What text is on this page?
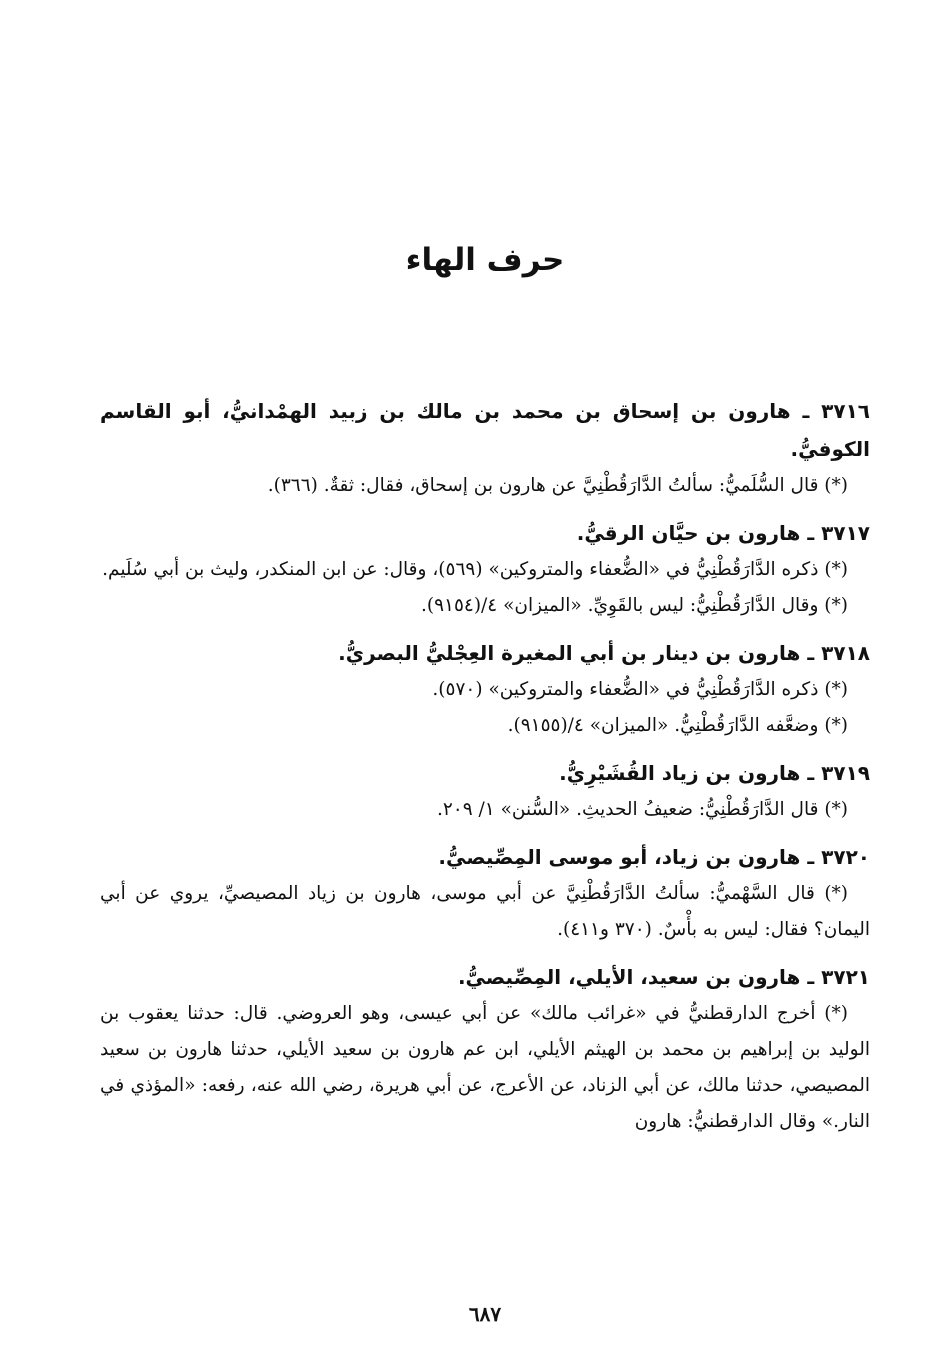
حرف الهاء
٣٧١٦ ـ هارون بن إسحاق بن محمد بن مالك بن زبيد الهمْدانيُّ، أبو القاسم الكوفيُّ.

(*) قال السُّلَميُّ: سألتُ الدَّارَقُطْنِيَّ عن هارون بن إسحاق، فقال: ثقةٌ. (٣٦٦).

٣٧١٧ ـ هارون بن حيَّان الرقيُّ.

(*) ذكره الدَّارَقُطْنِيُّ في «الضُّعفاء والمتروكين» (٥٦٩)، وقال: عن ابن المنكدر، وليث بن أبي سُلَيم.

(*) وقال الدَّارَقُطْنِيُّ: ليس بالقَوِيِّ. «الميزان» ٤/(٩١٥٤).

٣٧١٨ ـ هارون بن دينار بن أبي المغيرة العِجْليُّ البصريُّ.

(*) ذكره الدَّارَقُطْنِيُّ في «الضُّعفاء والمتروكين» (٥٧٠).

(*) وضعَّفه الدَّارَقُطْنِيُّ. «الميزان» ٤/(٩١٥٥).

٣٧١٩ ـ هارون بن زياد القُشَيْرِيُّ.

(*) قال الدَّارَقُطْنِيُّ: ضعيفُ الحديثِ. «السُّنن» ١/ ٢٠٩.

٣٧٢٠ ـ هارون بن زياد، أبو موسى المِصِّيصيُّ.

(*) قال السَّهْميُّ: سألتُ الدَّارَقُطْنِيَّ عن أبي موسى، هارون بن زياد المصيصيِّ، يروي عن أبي اليمان؟ فقال: ليس به بأْسٌ. (٣٧٠ و٤١١).

٣٧٢١ ـ هارون بن سعيد، الأيلي، المِصِّيصيُّ.

(*) أخرج الدارقطنيُّ في «غرائب مالك» عن أبي عيسى، وهو العروضي. قال: حدثنا يعقوب بن الوليد بن إبراهيم بن محمد بن الهيثم الأيلي، ابن عم هارون بن سعيد الأيلي، حدثنا هارون بن سعيد المصيصي، حدثنا مالك، عن أبي الزناد، عن الأعرج، عن أبي هريرة، رضي الله عنه، رفعه: «المؤذي في النار.» وقال الدارقطنيُّ: هارون

٦٨٧
